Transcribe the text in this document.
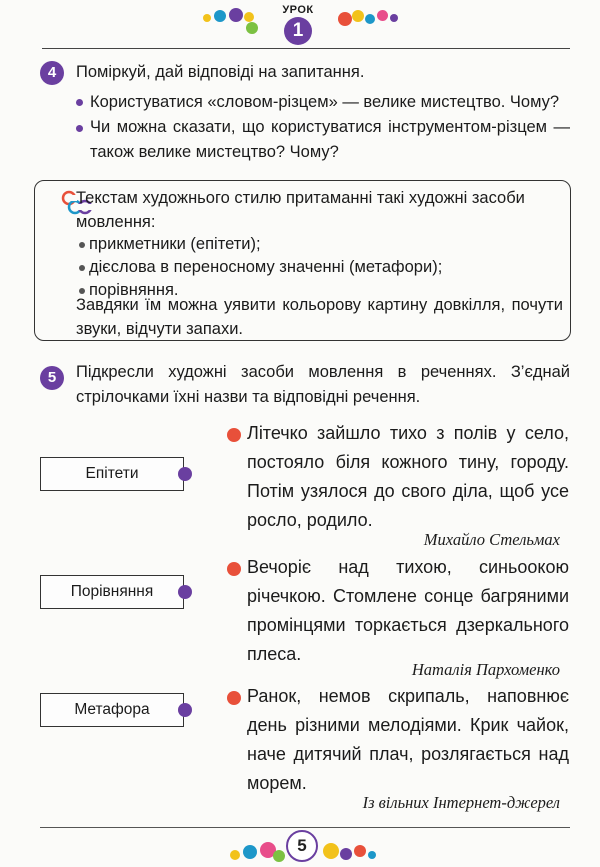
УРОК
1
4	Поміркуй, дай відповіді на запитання.
Користуватися «словом-різцем» — велике мистецтво. Чому?
Чи можна сказати, що користуватися інструментом-різцем — також велике мистецтво? Чому?
Текстам художнього стилю притаманні такі художні засоби мовлення:
прикметники (епітети);
дієслова в переносному значенні (метафори);
порівняння.
Завдяки їм можна уявити кольорову картину довкілля, почути звуки, відчути запахи.
5	Підкресли художні засоби мовлення в реченнях. З’єднай стрілочками їхні назви та відповідні речення.
Епітети
Порівняння
Метафора
Літечко зайшло тихо з полів у село, постояло біля кожного тину, городу. Потім узялося до свого діла, щоб усе росло, родило.
Михайло Стельмах
Вечоріє над тихою, синьоокою річечкою. Стомлене сонце багряними промінцями торкається дзеркального плеса.
Наталія Пархоменко
Ранок, немов скрипаль, наповнює день різними мелодіями. Крик чайок, наче дитячий плач, розлягається над морем.
Із вільних Інтернет-джерел
5
